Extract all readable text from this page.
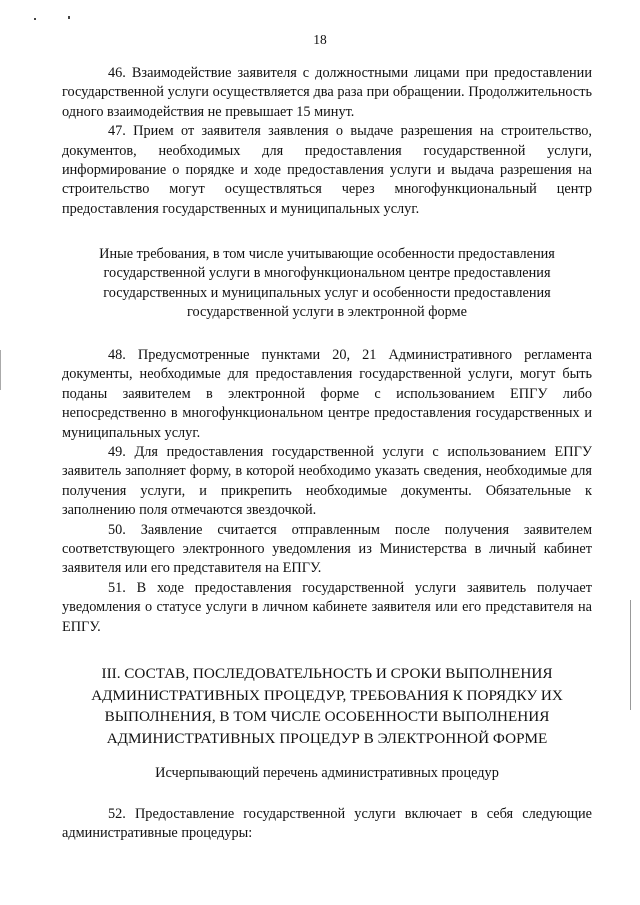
18

46. Взаимодействие заявителя с должностными лицами при предоставлении государственной услуги осуществляется два раза при обращении. Продолжительность одного взаимодействия не превышает 15 минут.

47. Прием от заявителя заявления о выдаче разрешения на строительство, документов, необходимых для предоставления государственной услуги, информирование о порядке и ходе предоставления услуги и выдача разрешения на строительство могут осуществляться через многофункциональный центр предоставления государственных и муниципальных услуг.

Иные требования, в том числе учитывающие особенности предоставления государственной услуги в многофункциональном центре предоставления государственных и муниципальных услуг и особенности предоставления государственной услуги в электронной форме

48. Предусмотренные пунктами 20, 21 Административного регламента документы, необходимые для предоставления государственной услуги, могут быть поданы заявителем в электронной форме с использованием ЕПГУ либо непосредственно в многофункциональном центре предоставления государственных и муниципальных услуг.

49. Для предоставления государственной услуги с использованием ЕПГУ заявитель заполняет форму, в которой необходимо указать сведения, необходимые для получения услуги, и прикрепить необходимые документы. Обязательные к заполнению поля отмечаются звездочкой.

50. Заявление считается отправленным после получения заявителем соответствующего электронного уведомления из Министерства в личный кабинет заявителя или его представителя на ЕПГУ.

51. В ходе предоставления государственной услуги заявитель получает уведомления о статусе услуги в личном кабинете заявителя или его представителя на ЕПГУ.

III. СОСТАВ, ПОСЛЕДОВАТЕЛЬНОСТЬ И СРОКИ ВЫПОЛНЕНИЯ АДМИНИСТРАТИВНЫХ ПРОЦЕДУР, ТРЕБОВАНИЯ К ПОРЯДКУ ИХ ВЫПОЛНЕНИЯ, В ТОМ ЧИСЛЕ ОСОБЕННОСТИ ВЫПОЛНЕНИЯ АДМИНИСТРАТИВНЫХ ПРОЦЕДУР В ЭЛЕКТРОННОЙ ФОРМЕ

Исчерпывающий перечень административных процедур

52. Предоставление государственной услуги включает в себя следующие административные процедуры:
